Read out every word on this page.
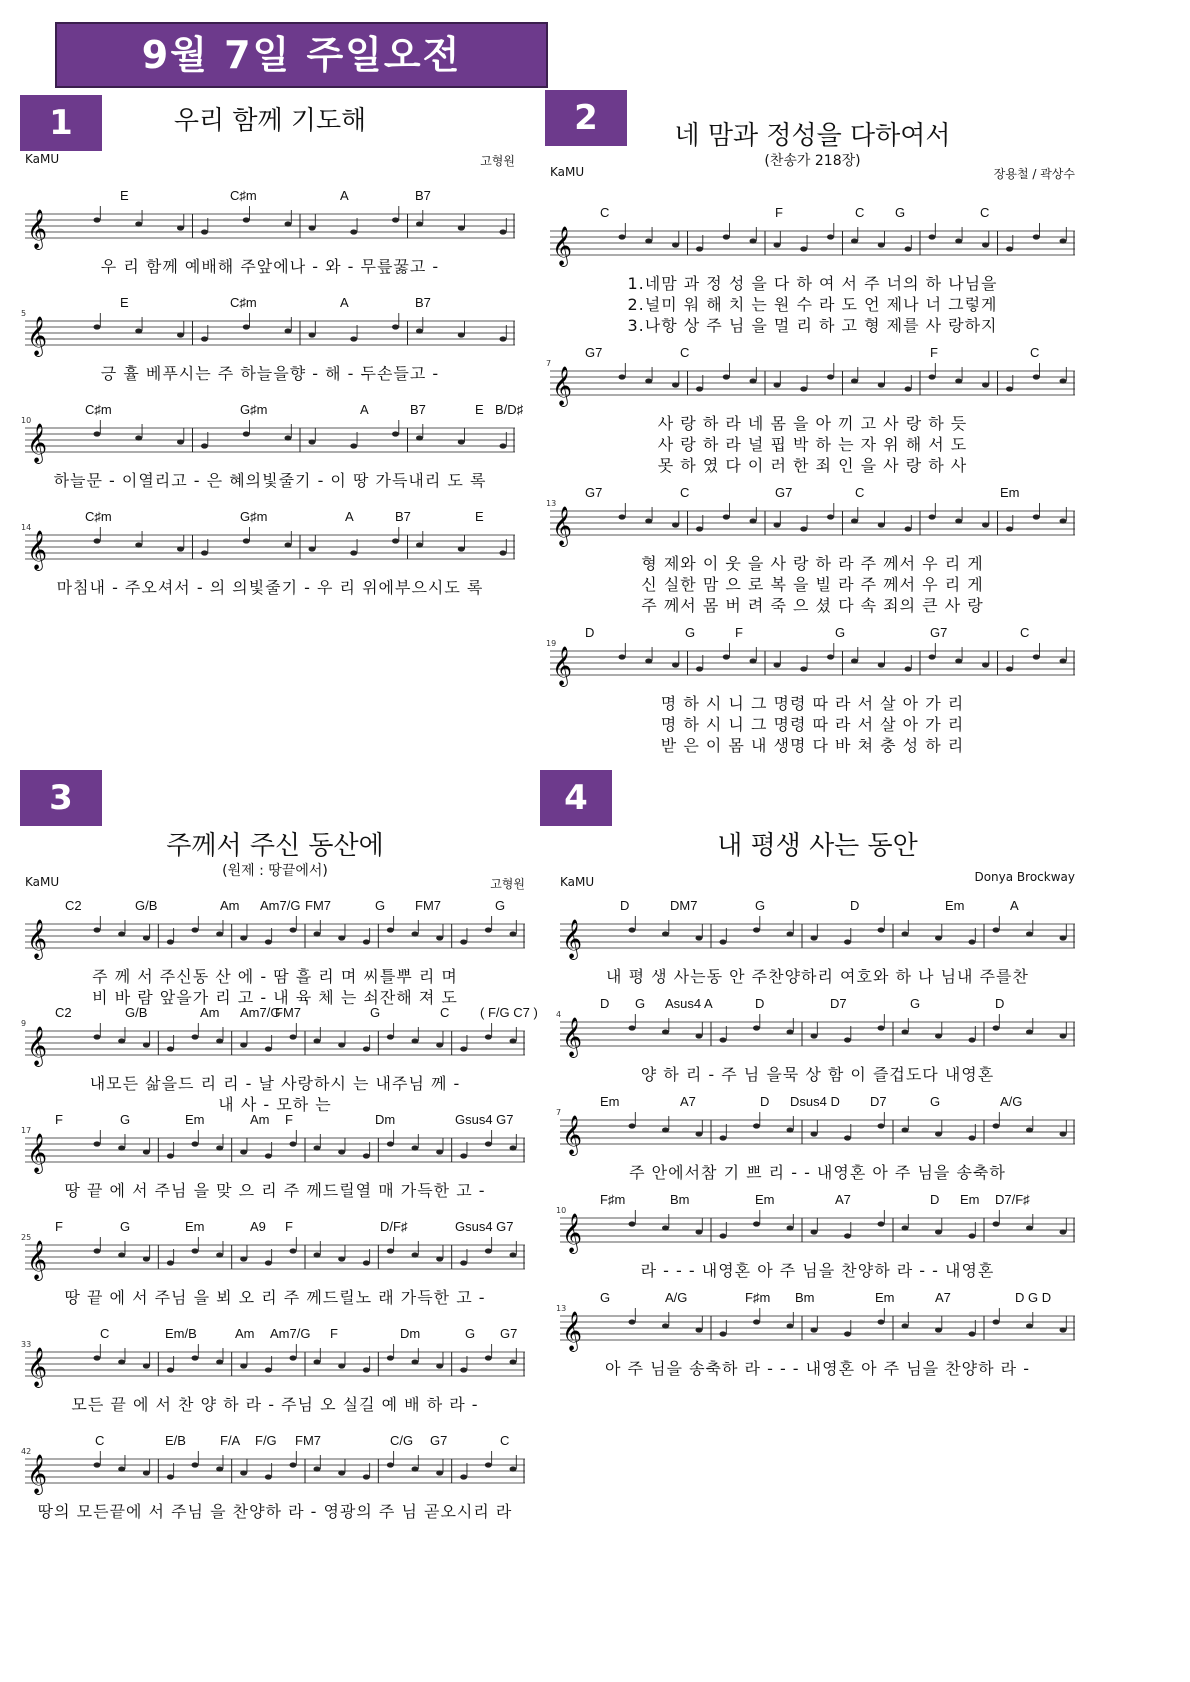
9월 7일 주일오전
1	우리 함께 기도해
KaMU	고형원
E	C♯m	A	B7
𝄞
우 리 함께 예배해 주앞에나 - 와 - 무릎꿇고 -
5
E	C♯m	A	B7
𝄞
긍 휼 베푸시는 주 하늘을향 - 해 - 두손들고 -
10
C♯m	G♯m	A	B7	E B/D♯
𝄞
하늘문 - 이열리고 - 은 혜의빛줄기 - 이 땅 가득내리 도 록
14
C♯m	G♯m	A	B7	E
𝄞
마침내 - 주오셔서 - 의 의빛줄기 - 우 리 위에부으시도 록
2	네 맘과 정성을 다하여서
(찬송가 218장)
KaMU	장용철 / 곽상수
C	F	C G	C
𝄞
1.네맘 과 정 성 을 다 하 여 서 주 너의 하 나님을
2.널미 워 해 치 는 원 수 라 도 언 제나 너 그렇게
3.나항 상 주 님 을 멀 리 하 고 형 제를 사 랑하지
7
G7	C	F	C
𝄞
사 랑 하 라 네 몸 을 아 끼 고 사 랑 하 듯
사 랑 하 라 널 핍 박 하 는 자 위 해 서 도
못 하 였 다 이 러 한 죄 인 을 사 랑 하 사
13
G7	C	G7	C	Em
𝄞
형 제와 이 웃 을 사 랑 하 라 주 께서 우 리 게
신 실한 맘 으 로 복 을 빌 라 주 께서 우 리 게
주 께서 몸 버 려 죽 으 셨 다 속 죄의 큰 사 랑
19
D	G	F	G	G7	C
𝄞
명 하 시 니 그 명령 따 라 서 살 아 가 리
명 하 시 니 그 명령 따 라 서 살 아 가 리
받 은 이 몸 내 생명 다 바 쳐 충 성 하 리
3
주께서 주신 동산에
(원제 : 땅끝에서)
KaMU	고형원
C2	G/B	Am Am7/G FM7	G FM7	G
𝄞
주 께 서 주신동 산 에 - 땀 흘 리 며 씨틀뿌 리 며
비 바 람 앞을가 리 고 - 내 육 체 는 쇠잔해 져 도
9
C2	G/B	Am Am7/G
FM7	G	C ( F/G C7 )
𝄞
내모든 삶을드 리 리 - 날 사랑하시 는 내주님 께 -
내 사 - 모하 는
17
F	G	Em	Am F	Dm	Gsus4 G7
𝄞
땅 끝 에 서 주님 을 맞 으 리 주 께드릴열 매 가득한 고 -
25
F	G	Em	A9 F	D/F♯	Gsus4 G7
𝄞
땅 끝 에 서 주님 을 뵈 오 리 주 께드릴노 래 가득한 고 -
33
C	Em/B	Am Am7/G F	Dm	G G7
𝄞
모든 끝 에 서 찬 양 하 라 - 주님 오 실길 예 배 하 라 -
42
C	E/B	F/A F/G FM7	C/G G7	C
𝄞
땅의 모든끝에 서 주님 을 찬양하 라 - 영광의 주 님 곧오시리 라
4
내 평생 사는 동안
KaMU	Donya Brockway
D	DM7	G	D	Em	A
𝄞
내 평 생 사는동 안 주찬양하리 여호와 하 나 님내 주를찬
4
D G Asus4 A	D	D7	G	D
𝄞
양 하 리 - 주 님 을묵 상 함 이 즐겁도다 내영혼
7
Em	A7	D Dsus4 D D7	G	A/G
𝄞
주 안에서참 기 쁘 리 - - 내영혼 아 주 님을 송축하
10
F♯m	Bm	Em	A7	D Em D7/F♯
𝄞
라 - - - 내영혼 아 주 님을 찬양하 라 - - 내영혼
13
G	A/G	F♯m Bm	Em	A7	D G D
𝄞
아 주 님을 송축하 라 - - - 내영혼 아 주 님을 찬양하 라 -
